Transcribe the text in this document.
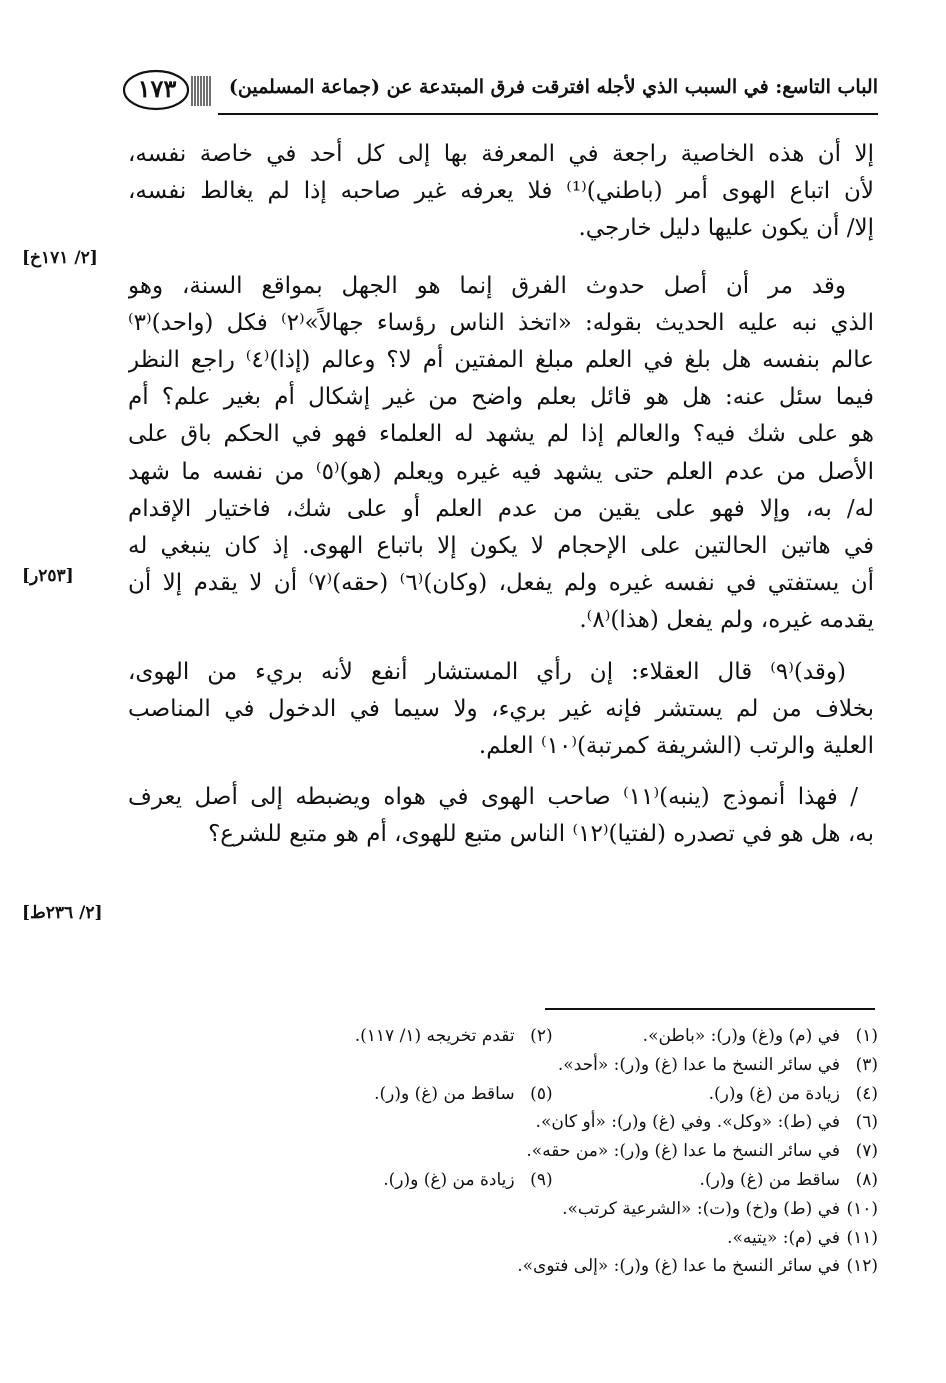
الباب التاسع: في السبب الذي لأجله افترقت فرق المبتدعة عن (جماعة المسلمين)
١٧٣
[٢/ ١٧١خ]
[٢٥٣ر]
[٢/ ٢٣٦ط]
إلا أن هذه الخاصية راجعة في المعرفة بها إلى كل أحد في خاصة نفسه،
لأن اتباع الهوى أمر (باطني)⁽¹⁾ فلا يعرفه غير صاحبه إذا لم يغالط نفسه،
إلا/ أن يكون عليها دليل خارجي.
وقد مر أن أصل حدوث الفرق إنما هو الجهل بمواقع السنة، وهو
الذي نبه عليه الحديث بقوله: «اتخذ الناس رؤساء جهالاً»⁽٢⁾ فكل (واحد)⁽٣⁾
عالم بنفسه هل بلغ في العلم مبلغ المفتين أم لا؟ وعالم (إذا)⁽٤⁾ راجع النظر
فيما سئل عنه: هل هو قائل بعلم واضح من غير إشكال أم بغير علم؟ أم
هو على شك فيه؟ والعالم إذا لم يشهد له العلماء فهو في الحكم باق على
الأصل من عدم العلم حتى يشهد فيه غيره ويعلم (هو)⁽٥⁾ من نفسه ما شهد
له/ به، وإلا فهو على يقين من عدم العلم أو على شك، فاختيار الإقدام
في هاتين الحالتين على الإحجام لا يكون إلا باتباع الهوى. إذ كان ينبغي له
أن يستفتي في نفسه غيره ولم يفعل، (وكان)⁽٦⁾ (حقه)⁽٧⁾ أن لا يقدم إلا أن
يقدمه غيره، ولم يفعل (هذا)⁽٨⁾.
(وقد)⁽٩⁾ قال العقلاء: إن رأي المستشار أنفع لأنه بريء من الهوى،
بخلاف من لم يستشر فإنه غير بريء، ولا سيما في الدخول في المناصب
العلية والرتب (الشريفة كمرتبة)⁽١٠⁾ العلم.
/ فهذا أنموذج (ينبه)⁽١١⁾ صاحب الهوى في هواه ويضبطه إلى أصل يعرف
به، هل هو في تصدره (لفتيا)⁽١٢⁾ الناس متبع للهوى، أم هو متبع للشرع؟
(١)في (م) و(غ) و(ر): «باطن». (٢)تقدم تخريجه (١/ ١١٧).
(٣)في سائر النسخ ما عدا (غ) و(ر): «أحد».
(٤)زيادة من (غ) و(ر). (٥)ساقط من (غ) و(ر).
(٦)في (ط): «وكل». وفي (غ) و(ر): «أو كان».
(٧)في سائر النسخ ما عدا (غ) و(ر): «من حقه».
(٨)ساقط من (غ) و(ر). (٩)زيادة من (غ) و(ر).
(١٠)في (ط) و(خ) و(ت): «الشرعية كرتب».
(١١)في (م): «يتيه».
(١٢)في سائر النسخ ما عدا (غ) و(ر): «إلى فتوى».
